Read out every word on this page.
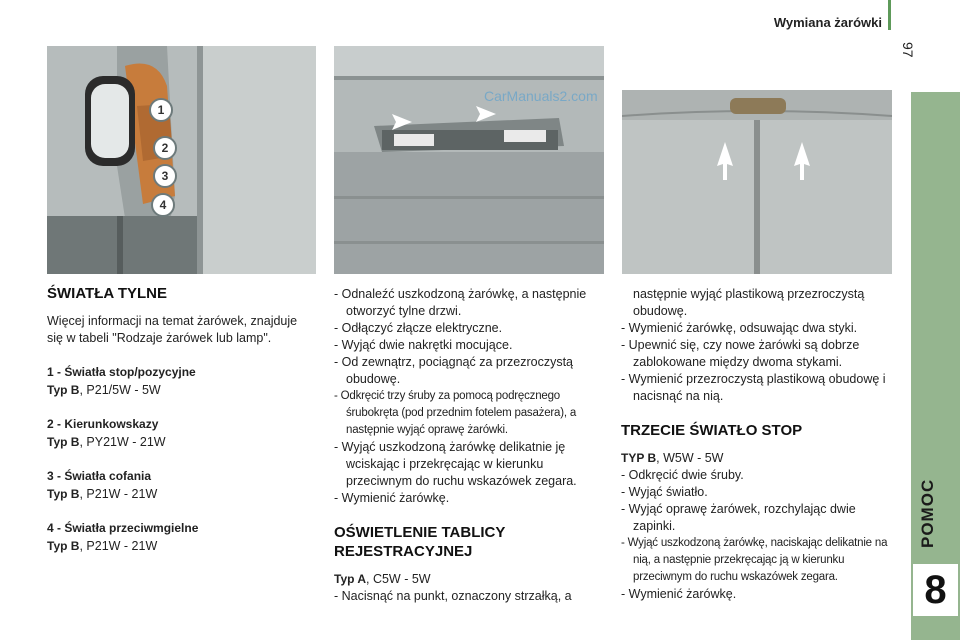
Wymiana żarówki
97
POMOC
8
1
2
3
4
CarManuals2.com
ŚWIATŁA TYLNE
Więcej informacji na temat żarówek, znajduje się w tabeli "Rodzaje żarówek lub lamp".
1 - Światła stop/pozycyjne
Typ B, P21/5W - 5W
2 - Kierunkowskazy
Typ B, PY21W - 21W
3 - Światła cofania
Typ B, P21W - 21W
4 - Światła przeciwmgielne
Typ B, P21W - 21W
- Odnaleźć uszkodzoną żarówkę, a następnie otworzyć tylne drzwi.
- Odłączyć złącze elektryczne.
- Wyjąć dwie nakrętki mocujące.
- Od zewnątrz, pociągnąć za przezroczystą obudowę.
- Odkręcić trzy śruby za pomocą podręcznego śrubokręta (pod przednim fotelem pasażera), a następnie wyjąć oprawę żarówki.
- Wyjąć uszkodzoną żarówkę delikatnie ję wciskając i przekręcając w kierunku przeciwnym do ruchu wskazówek zegara.
- Wymienić żarówkę.
OŚWIETLENIE TABLICY REJESTRACYJNEJ
Typ A, C5W - 5W
- Nacisnąć na punkt, oznaczony strzałką, a
następnie wyjąć plastikową przezroczystą obudowę.
- Wymienić żarówkę, odsuwając dwa styki.
- Upewnić się, czy nowe żarówki są dobrze zablokowane między dwoma stykami.
- Wymienić przezroczystą plastikową obudowę i nacisnąć na nią.
TRZECIE ŚWIATŁO STOP
TYP B, W5W - 5W
- Odkręcić dwie śruby.
- Wyjąć światło.
- Wyjąć oprawę żarówek, rozchylając dwie zapinki.
- Wyjąć uszkodzoną żarówkę, naciskając delikatnie na nią, a następnie przekręcając ją w kierunku przeciwnym do ruchu wskazówek zegara.
- Wymienić żarówkę.
